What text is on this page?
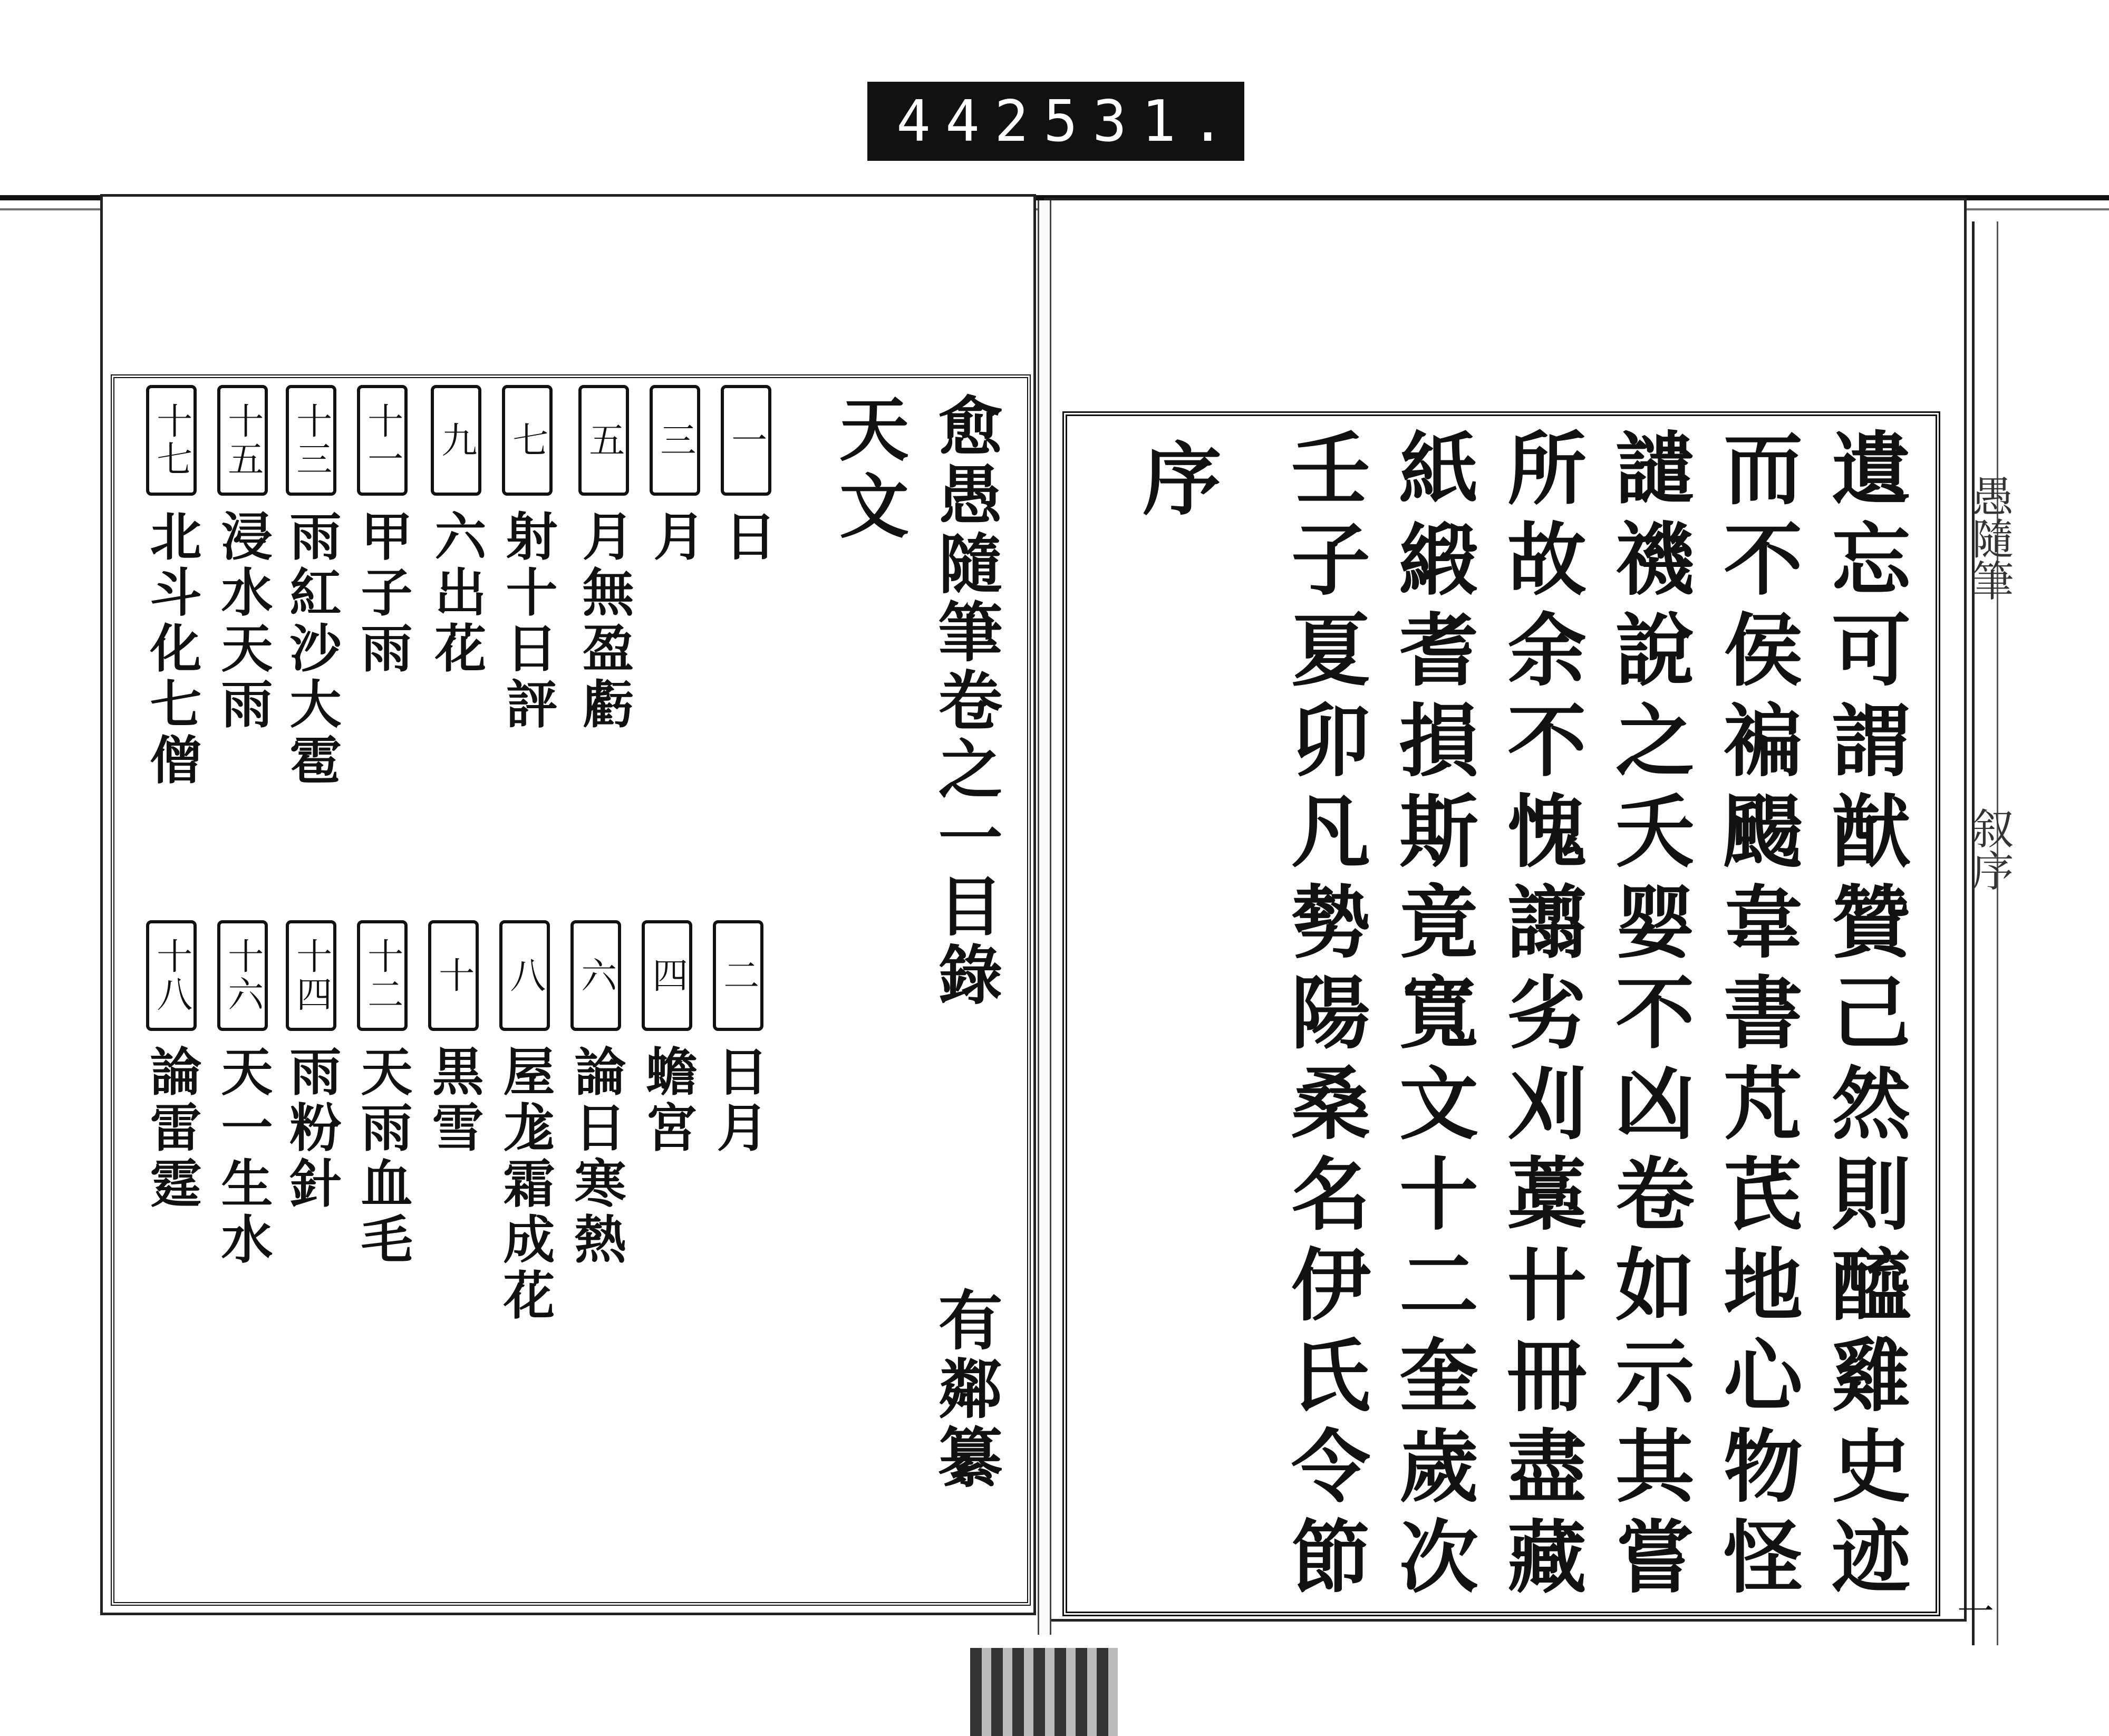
442 531.
愈愚隨筆卷之一目錄
有鄰纂
天文
一
日
三
月
五
月無盈虧
七
射十日評
九
六出花
十一
甲子雨
十三
雨紅沙大雹
十五
浸水天雨
十七
北斗化七僧
二
日月
四
蟾宮
六
論日寒熱
八
屋尨霜成花
十
黒雪
十二
天雨血毛
十四
雨粉針
十六
天一生水
十八
論雷霆	遺忘可謂猷贊己然則醯雞史迹
而不侯褊颺韋書芃芪地心物怪
譴禨說之夭婴不凶卷如示其嘗
所故余不愧譾劣刈藁卄冊盡藏
紙緞耆損斯竟寬文十二奎歲次
壬子夏卯凡勢陽桑名伊氏令節
序	愚隨筆
叙序
一
